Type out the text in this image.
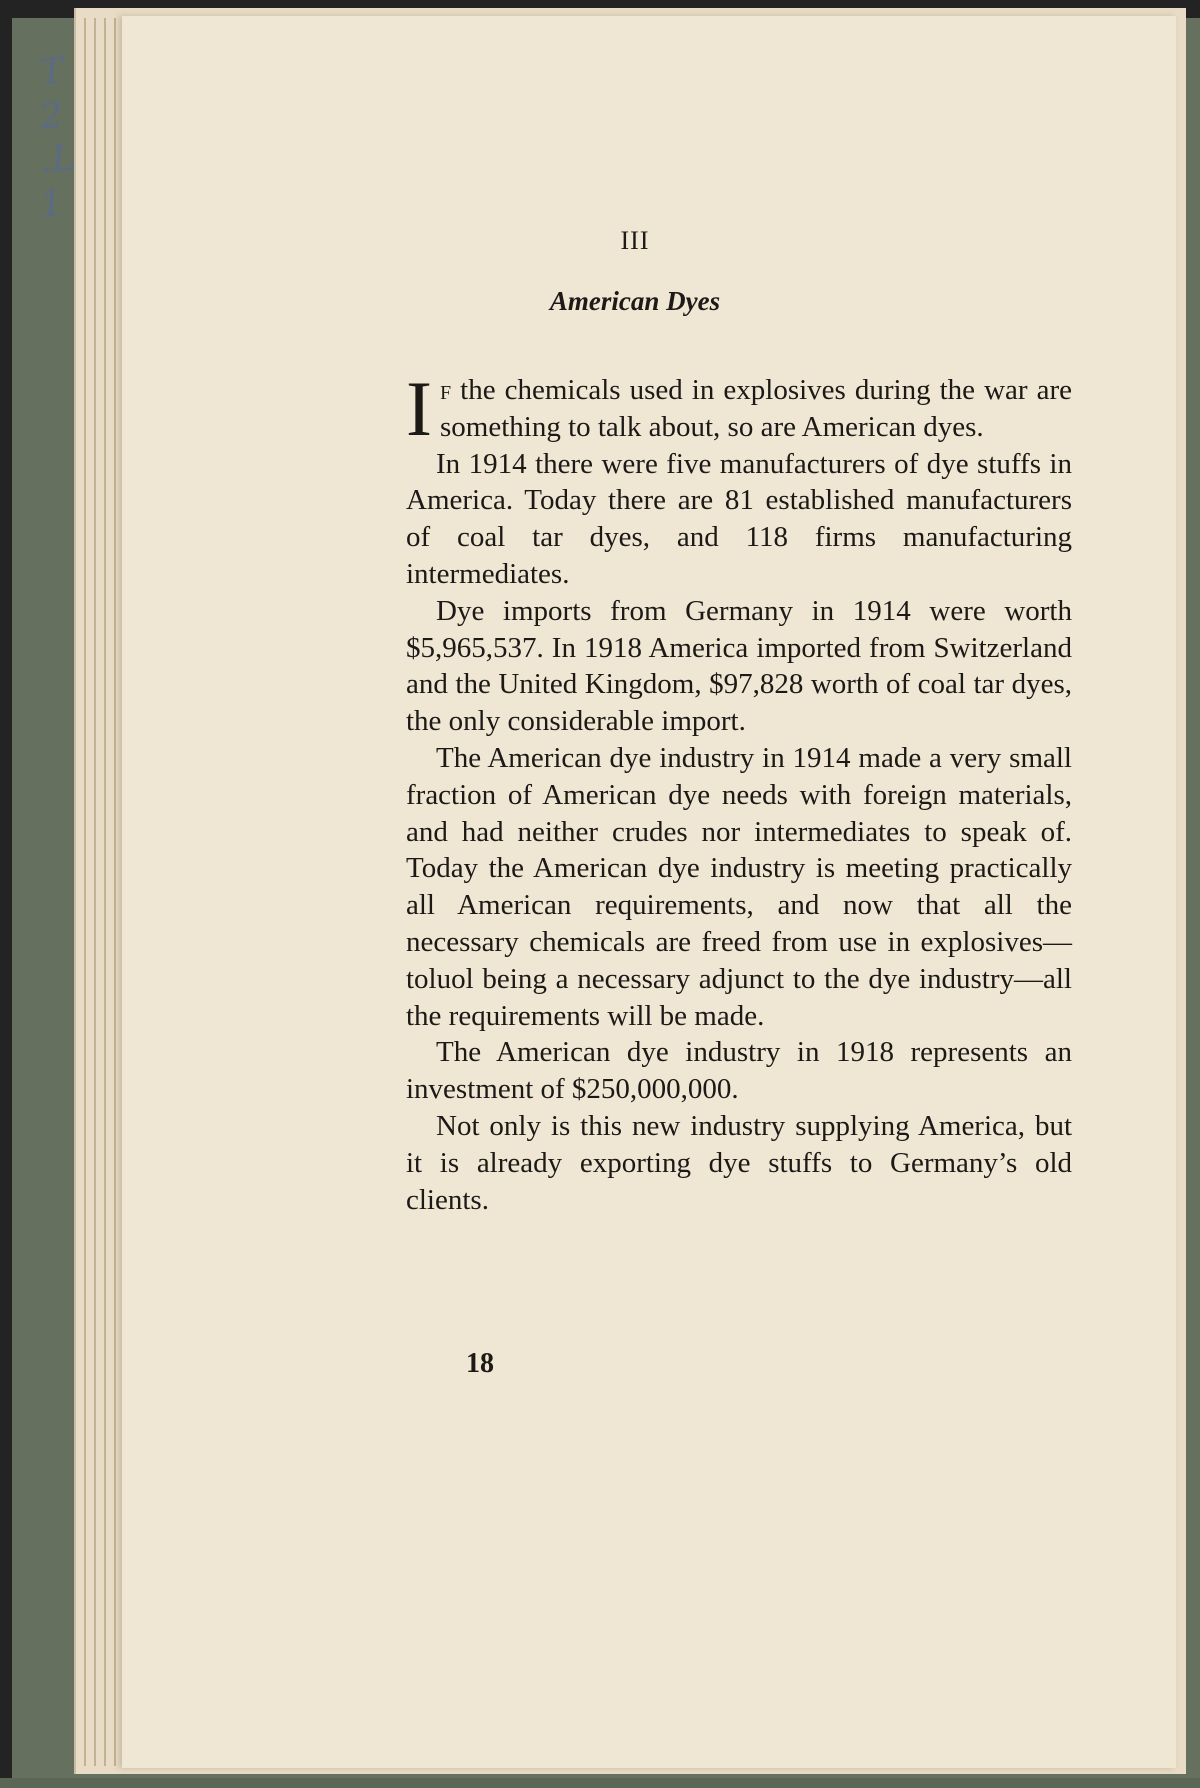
T
2
.L
1
III
American Dyes

If the chemicals used in explosives during the war are something to talk about, so are American dyes.

In 1914 there were five manufacturers of dye stuffs in America. Today there are 81 established manufacturers of coal tar dyes, and 118 firms manufacturing intermediates.

Dye imports from Germany in 1914 were worth $5,965,537. In 1918 America imported from Switzerland and the United Kingdom, $97,828 worth of coal tar dyes, the only considerable import.

The American dye industry in 1914 made a very small fraction of American dye needs with foreign materials, and had neither crudes nor intermediates to speak of. Today the American dye industry is meeting practically all American requirements, and now that all the necessary chemicals are freed from use in explosives—toluol being a necessary adjunct to the dye industry—all the requirements will be made.

The American dye industry in 1918 represents an investment of $250,000,000.

Not only is this new industry supplying America, but it is already exporting dye stuffs to Germany’s old clients.

18
